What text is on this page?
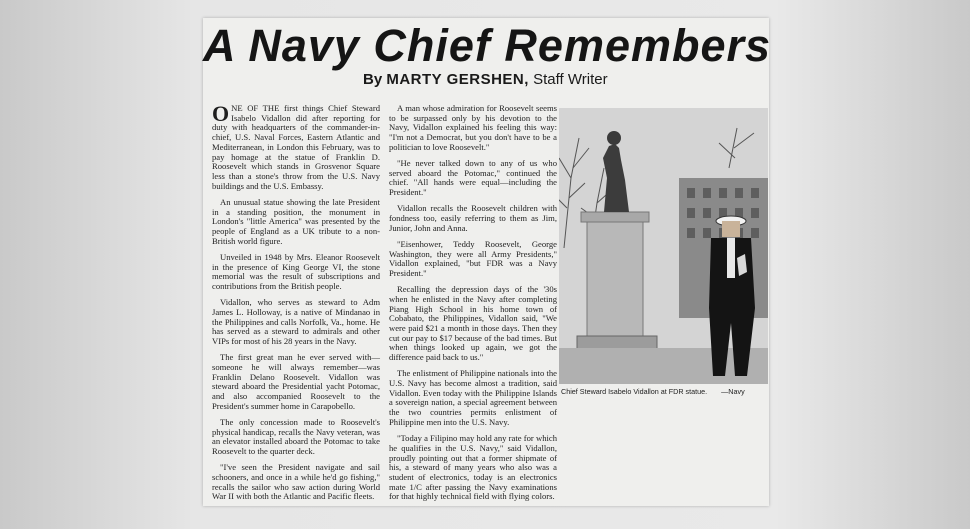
A Navy Chief Remembers
By MARTY GERSHEN, Staff Writer

ONE OF THE first things Chief Steward Isabelo Vidallon did after reporting for duty with headquarters of the commander-in-chief, U.S. Naval Forces, Eastern Atlantic and Mediterranean, in London this February, was to pay homage at the statue of Franklin D. Roosevelt which stands in Grosvenor Square less than a stone's throw from the U.S. Navy buildings and the U.S. Embassy.

An unusual statue showing the late President in a standing position, the monument in London's "little America" was presented by the people of England as a UK tribute to a non-British world figure.

Unveiled in 1948 by Mrs. Eleanor Roosevelt in the presence of King George VI, the stone memorial was the result of subscriptions and contributions from the British people.

Vidallon, who serves as steward to Adm James L. Holloway, is a native of Mindanao in the Philippines and calls Norfolk, Va., home. He has served as a steward to admirals and other VIPs for most of his 28 years in the Navy.

The first great man he ever served with—someone he will always remember—was Franklin Delano Roosevelt. Vidallon was steward aboard the Presidential yacht Potomac, and also accompanied Roosevelt to the President's summer home in Carapobello.

The only concession made to Roosevelt's physical handicap, recalls the Navy veteran, was an elevator installed aboard the Potomac to take Roosevelt to the quarter deck.

"I've seen the President navigate and sail schooners, and once in a while he'd go fishing," recalls the sailor who saw action during World War II with both the Atlantic and Pacific fleets.

A man whose admiration for Roosevelt seems to be surpassed only by his devotion to the Navy, Vidallon explained his feeling this way: "I'm not a Democrat, but you don't have to be a politician to love Roosevelt."

"He never talked down to any of us who served aboard the Potomac," continued the chief. "All hands were equal—including the President."

Vidallon recalls the Roosevelt children with fondness too, easily referring to them as Jim, Junior, John and Anna.

"Eisenhower, Teddy Roosevelt, George Washington, they were all Army Presidents," Vidallon explained, "but FDR was a Navy President."

Recalling the depression days of the '30s when he enlisted in the Navy after completing Piang High School in his home town of Cobabato, the Philippines, Vidallon said, "We were paid $21 a month in those days. Then they cut our pay to $17 because of the bad times. But when things looked up again, we got the difference paid back to us."

The enlistment of Philippine nationals into the U.S. Navy has become almost a tradition, said Vidallon. Even today with the Philippine Islands a sovereign nation, a special agreement between the two countries permits enlistment of Philippine men into the U.S. Navy.

"Today a Filipino may hold any rate for which he qualifies in the U.S. Navy," said Vidallon, proudly pointing out that a former shipmate of his, a steward of many years who also was a student of electronics, today is an electronics mate 1/C after passing the Navy examinations for that highly technical field with flying colors.

Chief Steward Isabelo Vidallon at FDR statue. —Navy
